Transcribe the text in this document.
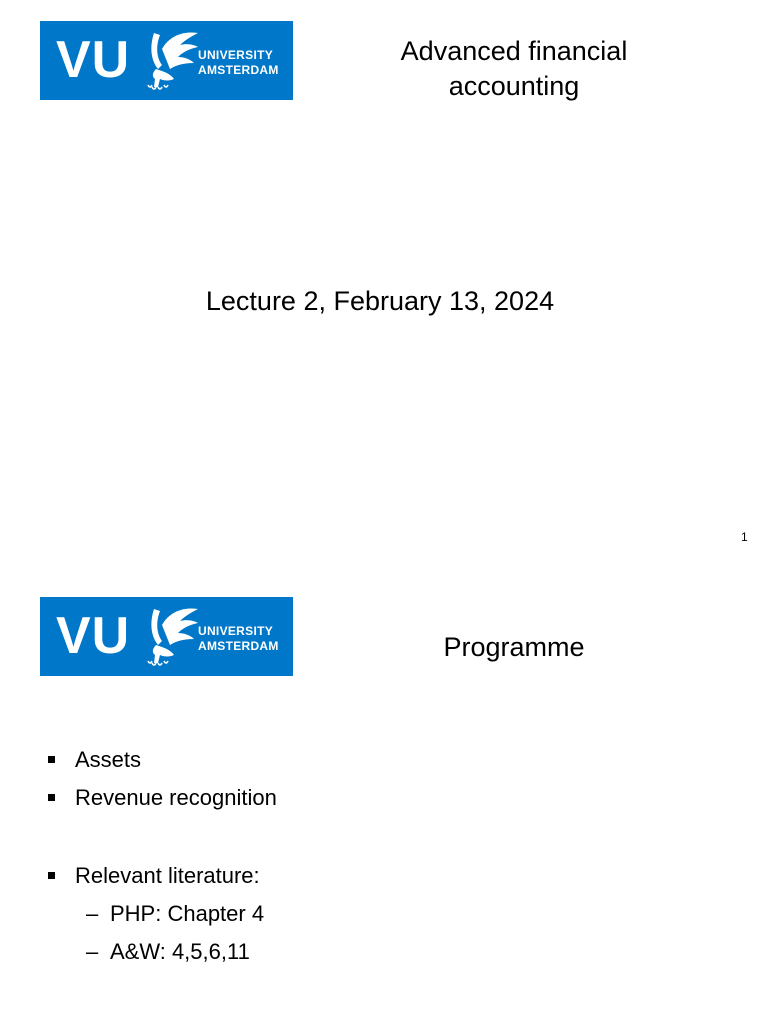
VU	UNIVERSITY
AMSTERDAM
Advanced financial
accounting
Lecture 2, February 13, 2024
1
VU	UNIVERSITY
AMSTERDAM	Programme
Assets
Revenue recognition
Relevant literature:
– PHP: Chapter 4
– A&W: 4,5,6,11
